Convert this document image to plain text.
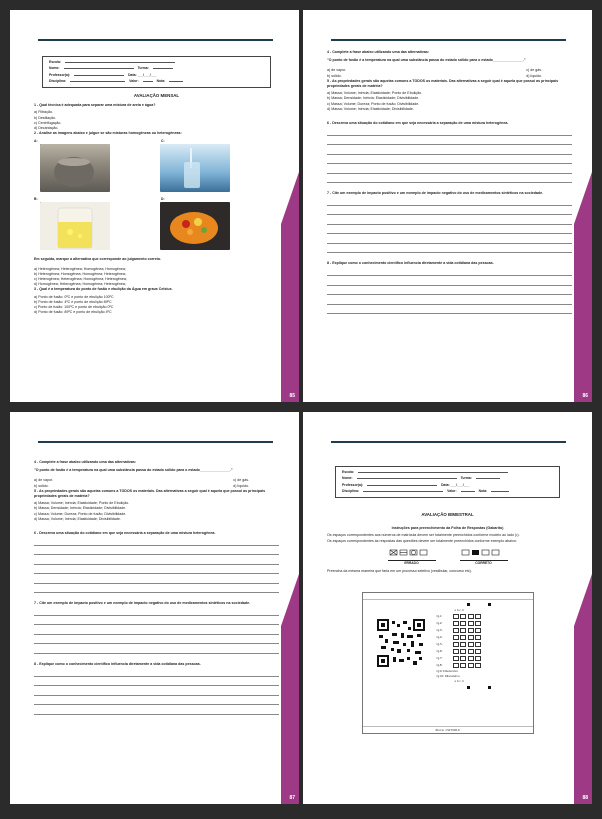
Escola:
Nome:	Turma:
Professor(a):	Data: ___/___/___
Disciplina:	Valor:	Nota:
AVALIAÇÃO MENSAL

1 - Qual técnica é adequada para separar uma mistura de areia e água?

a) Filtração.

b) Destilação.

c) Centrifugação.

d) Decantação.

2 - Analise as imagens abaixo e julgue se são misturas homogêneas ou heterogêneas:

A:	C:
B:	D:

Em seguida, marque a alternativa que corresponde ao julgamento correto.

a) Heterogênea; Heterogênea; Homogênea; Homogênea;

b) Heterogênea; Homogênea; Homogênea; Heterogênea;

c) Heterogênea; Heterogênea; Homogênea; Heterogênea;

d) Homogênea; Heterogênea; Homogênea; Heterogênea;

3 - Qual é a temperatura do ponto de fusão e ebulição da Água em graus Celsius.

a) Ponto de fusão: 0ºC e ponto de ebulição 100ºC

b) Ponto de fusão: 4ºC e ponto de ebulição 89ºC

c) Ponto de fusão: 100ºC e ponto de ebulição 0ºC

d) Ponto de fusão: 89ºC e ponto de ebulição 4ºC

85

4 - Complete a frase abaixo utilizando uma das alternativas:

"O ponto de fusão é a temperatura na qual uma substância passa do estado sólido para o estado_______________."

a) de vapor.	c) de gás.
b) sólido.	d) líquido.

5 - As propriedades gerais são aquelas comuns a TODOS os materiais. Das alternativas a seguir qual é aquela que possui as principais propriedades gerais de matéria?

a) Massa; Volume; Inércia; Elasticidade; Ponto de Ebulição.

b) Massa; Densidade; Inércia; Elasticidade; Divisibilidade.

c) Massa; Volume; Dureza; Ponto de fusão; Divisibilidade.

d) Massa; Volume; Inércia; Elasticidade; Divisibilidade.

6 - Descreva uma situação do cotidiano em que seja necessária a separação de uma mistura heterogênea.

7 - Cite um exemplo de impacto positivo e um exemplo de impacto negativo do uso de medicamentos sintéticos na sociedade.

8 - Explique como o conhecimento científico influencia diretamente a vida cotidiana das pessoas.

86

4 - Complete a frase abaixo utilizando uma das alternativas:

"O ponto de fusão é a temperatura na qual uma substância passa do estado sólido para o estado_______________."

a) de vapor.	c) de gás.
b) sólido.	d) líquido.

5 - As propriedades gerais são aquelas comuns a TODOS os materiais. Das alternativas a seguir qual é aquela que possui as principais propriedades gerais de matéria?

a) Massa; Volume; Inércia; Elasticidade; Ponto de Ebulição.

b) Massa; Densidade; Inércia; Elasticidade; Divisibilidade.

c) Massa; Volume; Dureza; Ponto de fusão; Divisibilidade.

d) Massa; Volume; Inércia; Elasticidade; Divisibilidade.

6 - Descreva uma situação do cotidiano em que seja necessária a separação de uma mistura heterogênea.

7 - Cite um exemplo de impacto positivo e um exemplo de impacto negativo do uso de medicamentos sintéticos na sociedade.

8 - Explique como o conhecimento científico influencia diretamente a vida cotidiana das pessoas.

87
Escola:
Nome:	Turma:
Professor(a):	Data: ___/___/___
Disciplina:	Valor:	Nota:
AVALIAÇÃO BIMESTRAL

Instruções para preenchimento da Folha de Respostas (Gabarito)

Os espaços correspondentes aos números de matrícula devem ser totalmente preenchidos conforme modelo ao lado (•).

Os espaços correspondentes às respostas das questões devem ser totalmente preenchidos conforme exemplo abaixo:

ERRADO	CORRETO

Preencha da mesma maneira que faria em um processo seletivo (vestibular, concurso etc).

a b c d
Q.1:
Q.2:
Q.3:
Q.4:
Q.5:
Q.6:
Q.7:
Q.8:
Q.9: Discursiva
Q.10: Discursiva
a b c d
Prova: 1323328.0
88
